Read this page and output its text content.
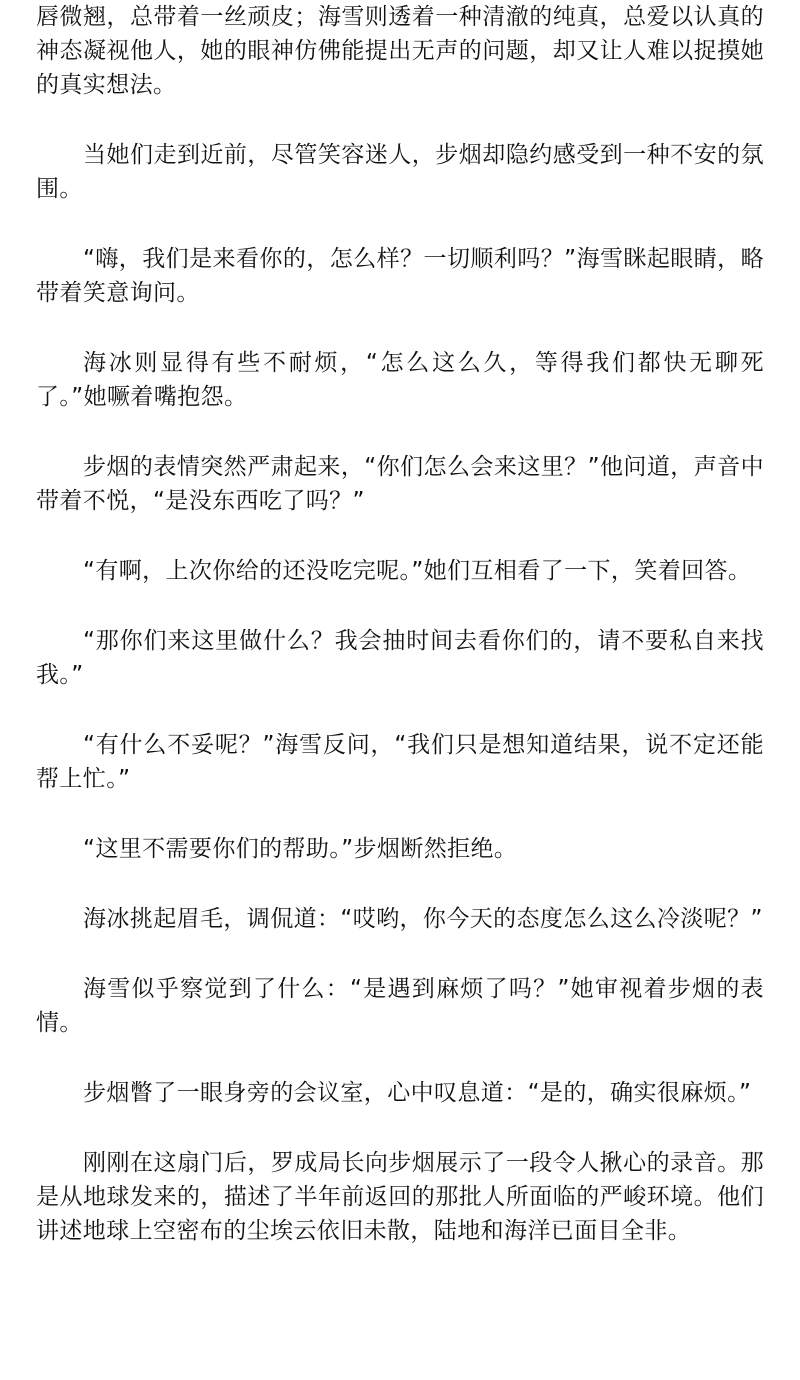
唇微翘，总带着一丝顽皮；海雪则透着一种清澈的纯真，总爱以认真的神态凝视他人，她的眼神仿佛能提出无声的问题，却又让人难以捉摸她的真实想法。

当她们走到近前，尽管笑容迷人，步烟却隐约感受到一种不安的氛围。

“嗨，我们是来看你的，怎么样？一切顺利吗？”海雪眯起眼睛，略带着笑意询问。

海冰则显得有些不耐烦，“怎么这么久，等得我们都快无聊死了。”她噘着嘴抱怨。

步烟的表情突然严肃起来，“你们怎么会来这里？”他问道，声音中带着不悦，“是没东西吃了吗？”

“有啊，上次你给的还没吃完呢。”她们互相看了一下，笑着回答。

“那你们来这里做什么？我会抽时间去看你们的，请不要私自来找我。”

“有什么不妥呢？”海雪反问，“我们只是想知道结果，说不定还能帮上忙。”

“这里不需要你们的帮助。”步烟断然拒绝。

海冰挑起眉毛，调侃道：“哎哟，你今天的态度怎么这么冷淡呢？”

海雪似乎察觉到了什么：“是遇到麻烦了吗？”她审视着步烟的表情。

步烟瞥了一眼身旁的会议室，心中叹息道：“是的，确实很麻烦。”

刚刚在这扇门后，罗成局长向步烟展示了一段令人揪心的录音。那是从地球发来的，描述了半年前返回的那批人所面临的严峻环境。他们讲述地球上空密布的尘埃云依旧未散，陆地和海洋已面目全非。
